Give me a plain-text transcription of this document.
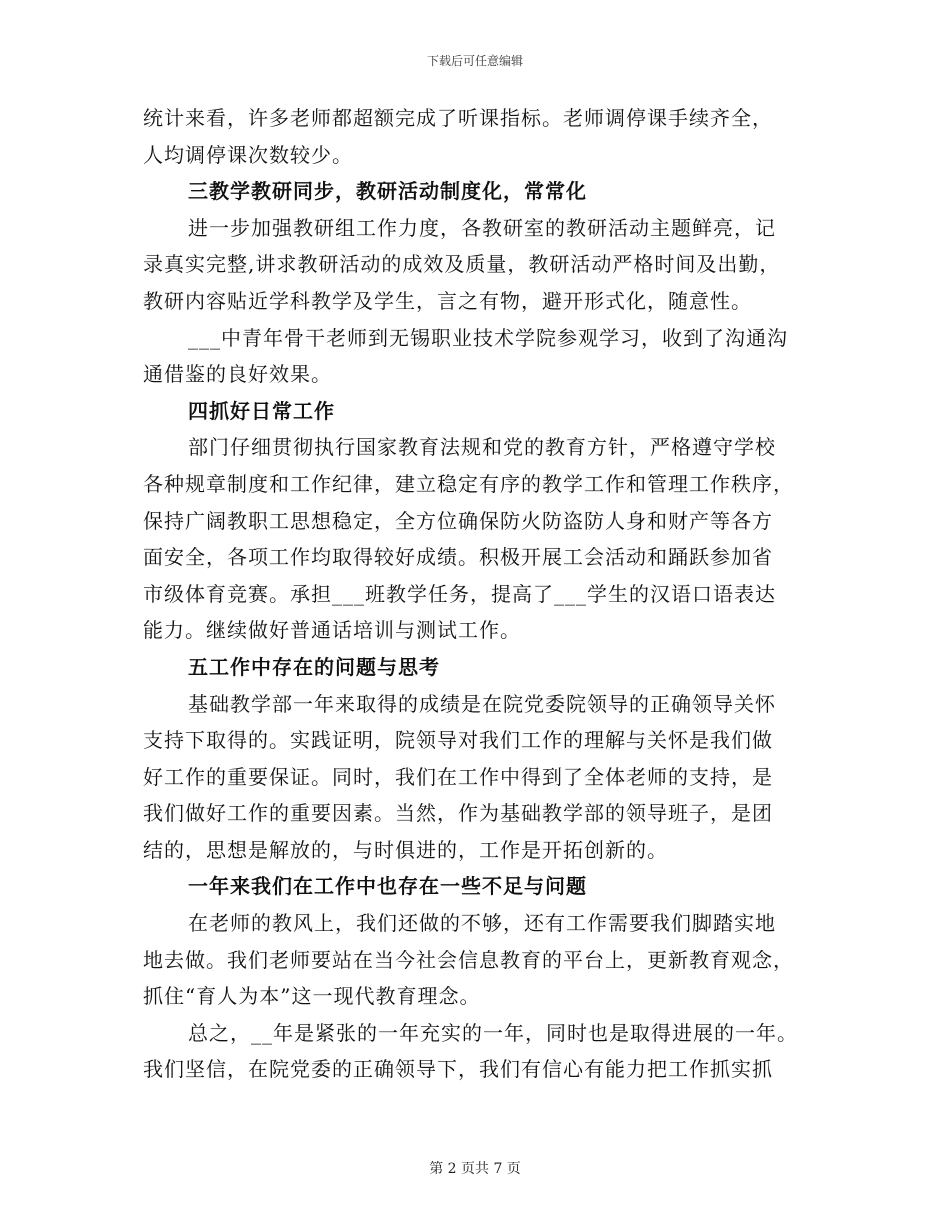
下载后可任意编辑

统计来看，许多老师都超额完成了听课指标。老师调停课手续齐全，

人均调停课次数较少。

三教学教研同步，教研活动制度化，常常化

进一步加强教研组工作力度，各教研室的教研活动主题鲜亮，记

录真实完整,讲求教研活动的成效及质量，教研活动严格时间及出勤，

教研内容贴近学科教学及学生，言之有物，避开形式化，随意性。

___中青年骨干老师到无锡职业技术学院参观学习，收到了沟通沟

通借鉴的良好效果。

四抓好日常工作

部门仔细贯彻执行国家教育法规和党的教育方针，严格遵守学校

各种规章制度和工作纪律，建立稳定有序的教学工作和管理工作秩序，

保持广阔教职工思想稳定，全方位确保防火防盗防人身和财产等各方

面安全，各项工作均取得较好成绩。积极开展工会活动和踊跃参加省

市级体育竞赛。承担___班教学任务，提高了___学生的汉语口语表达

能力。继续做好普通话培训与测试工作。

五工作中存在的问题与思考

基础教学部一年来取得的成绩是在院党委院领导的正确领导关怀

支持下取得的。实践证明，院领导对我们工作的理解与关怀是我们做

好工作的重要保证。同时，我们在工作中得到了全体老师的支持，是

我们做好工作的重要因素。当然，作为基础教学部的领导班子，是团

结的，思想是解放的，与时俱进的，工作是开拓创新的。

一年来我们在工作中也存在一些不足与问题

在老师的教风上，我们还做的不够，还有工作需要我们脚踏实地

地去做。我们老师要站在当今社会信息教育的平台上，更新教育观念，

抓住“育人为本”这一现代教育理念。

总之，__年是紧张的一年充实的一年，同时也是取得进展的一年。

我们坚信，在院党委的正确领导下，我们有信心有能力把工作抓实抓

第 2 页共 7 页
